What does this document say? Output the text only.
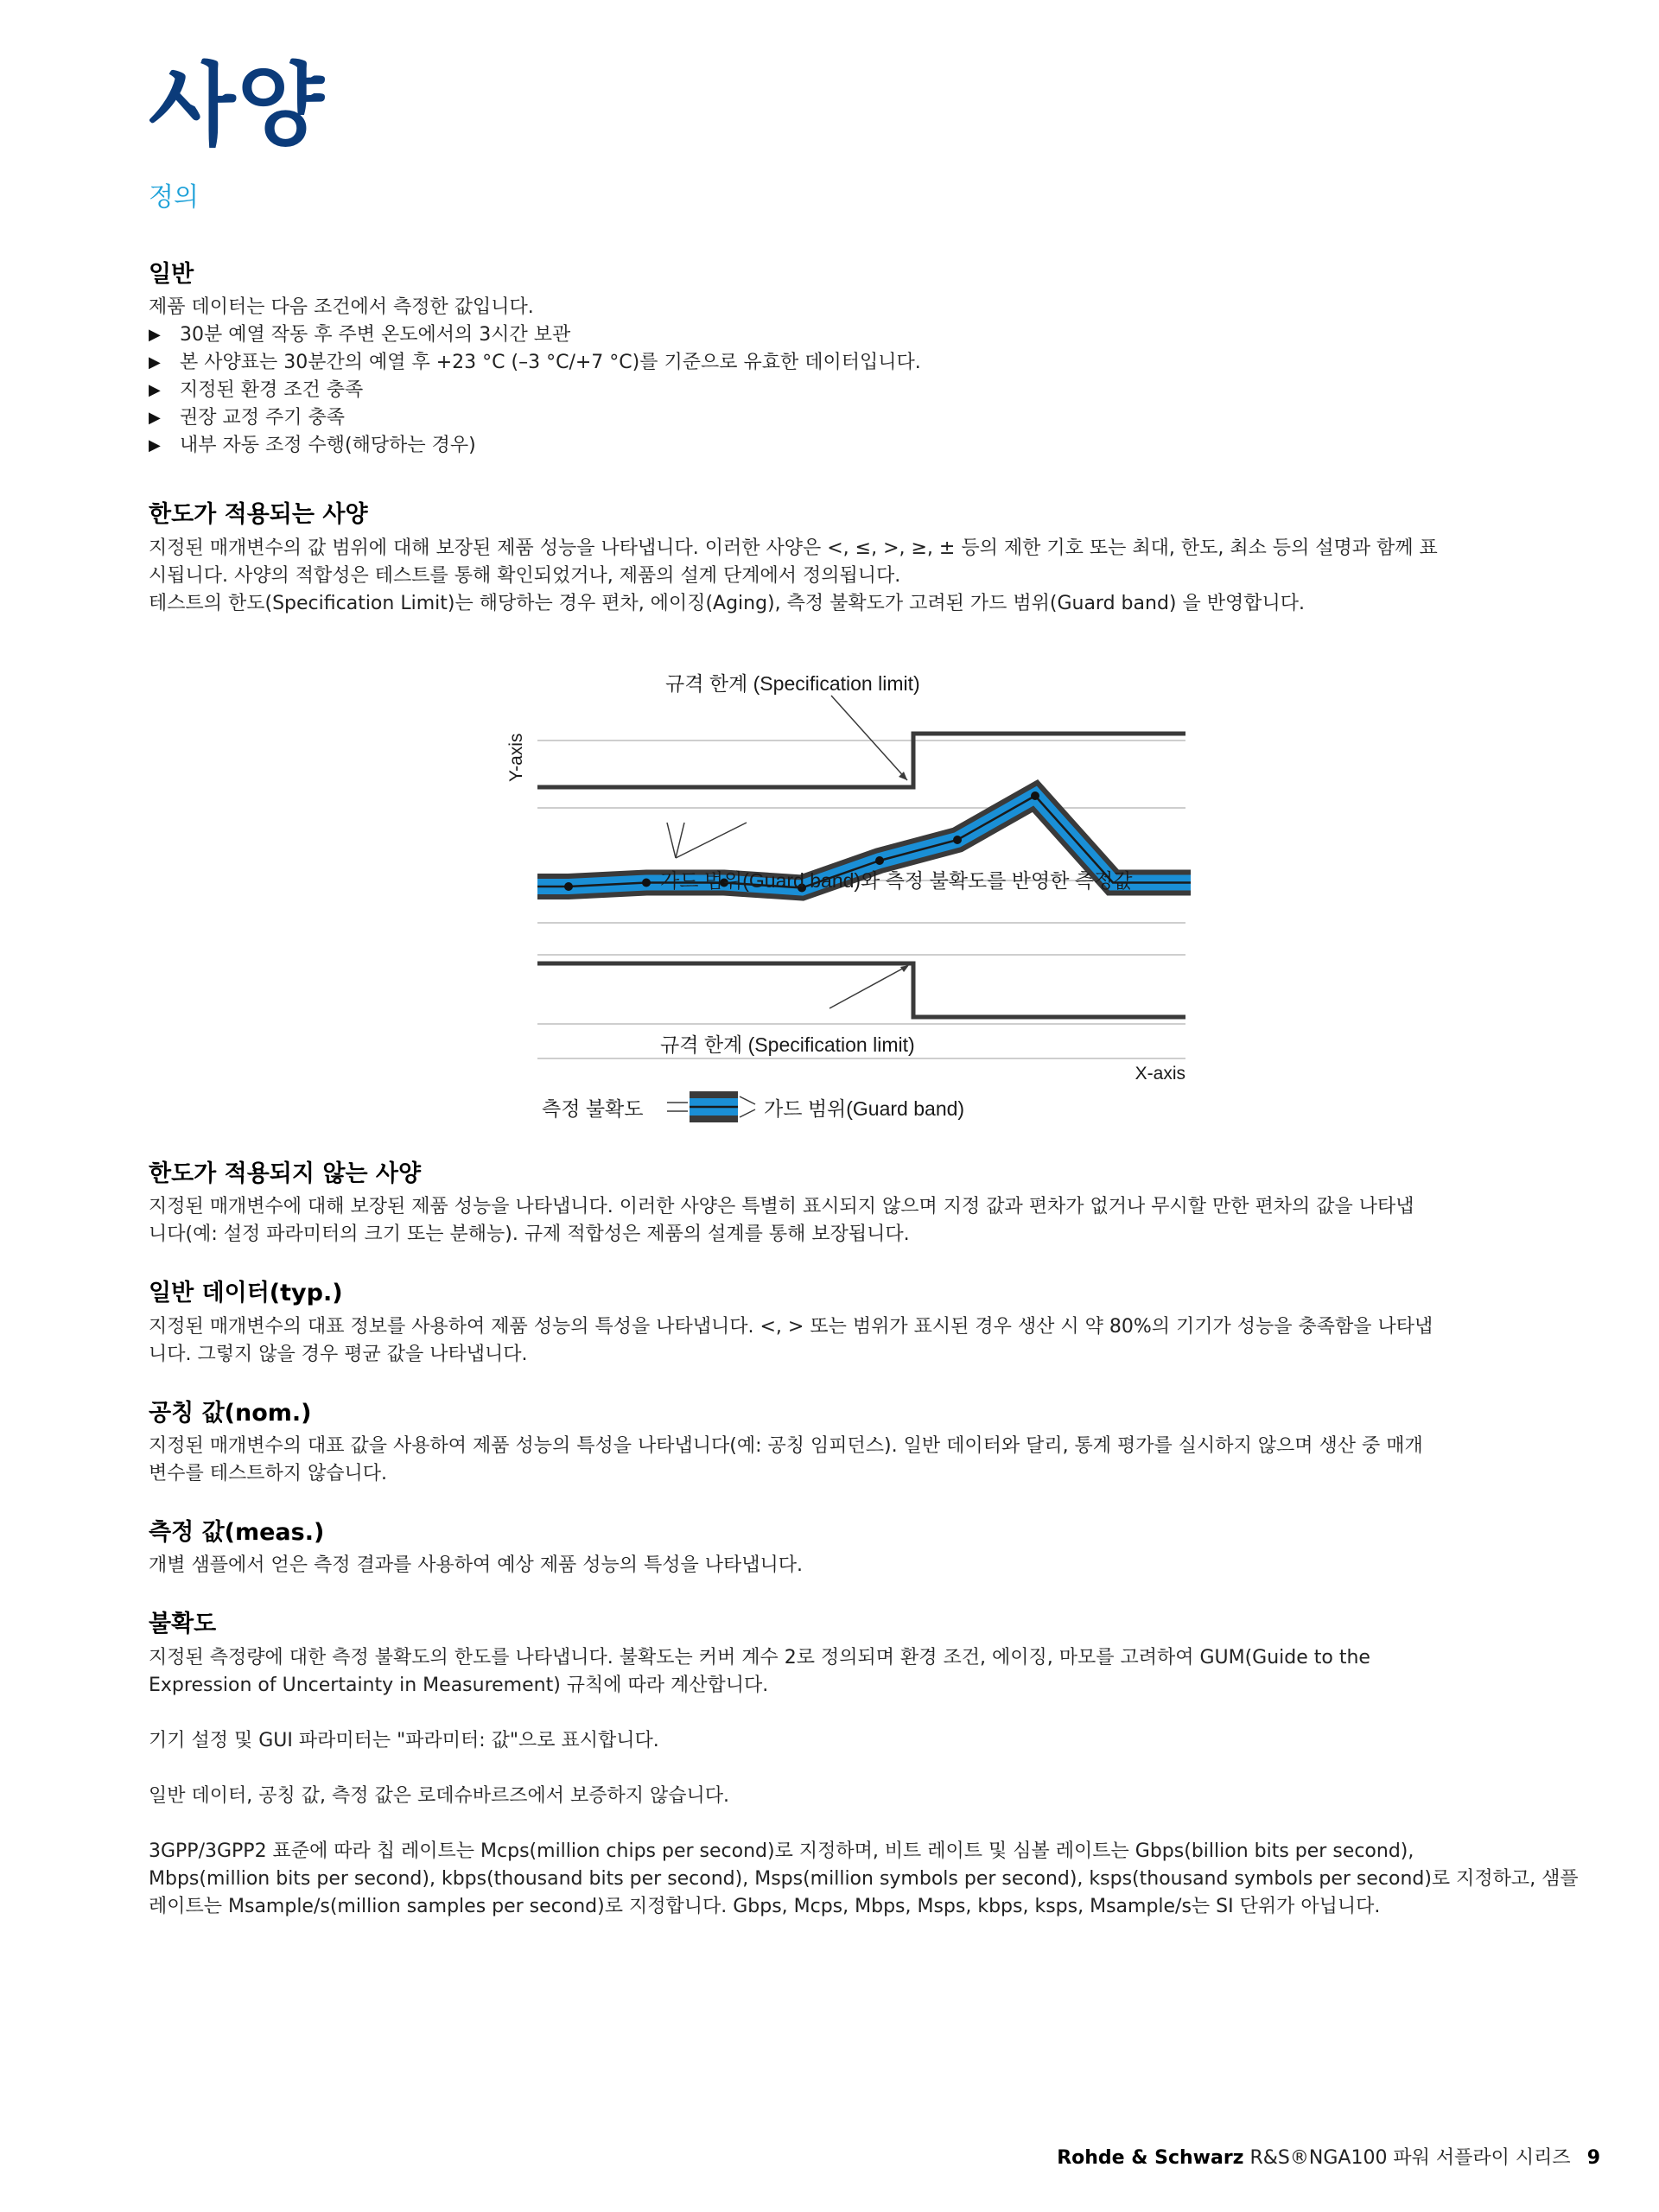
사양
정의
일반

제품 데이터는 다음 조건에서 측정한 값입니다.

▶ 30분 예열 작동 후 주변 온도에서의 3시간 보관
▶ 본 사양표는 30분간의 예열 후 +23 °C (–3 °C/+7 °C)를 기준으로 유효한 데이터입니다.
▶ 지정된 환경 조건 충족
▶ 권장 교정 주기 충족
▶ 내부 자동 조정 수행(해당하는 경우)
한도가 적용되는 사양

지정된 매개변수의 값 범위에 대해 보장된 제품 성능을 나타냅니다. 이러한 사양은 <, ≤, >, ≥, ± 등의 제한 기호 또는 최대, 한도, 최소 등의 설명과 함께 표

시됩니다. 사양의 적합성은 테스트를 통해 확인되었거나, 제품의 설계 단계에서 정의됩니다.

테스트의 한도(Specification Limit)는 해당하는 경우 편차, 에이징(Aging), 측정 불확도가 고려된 가드 범위(Guard band) 을 반영합니다.

규격 한계 (Specification limit)
가드 범위(Guard band)와 측정 불확도를 반영한 측정값
규격 한계 (Specification limit)
Y-axis
X-axis
측정 불확도	가드 범위(Guard band)
한도가 적용되지 않는 사양

지정된 매개변수에 대해 보장된 제품 성능을 나타냅니다. 이러한 사양은 특별히 표시되지 않으며 지정 값과 편차가 없거나 무시할 만한 편차의 값을 나타냅

니다(예: 설정 파라미터의 크기 또는 분해능). 규제 적합성은 제품의 설계를 통해 보장됩니다.

일반 데이터(typ.)

지정된 매개변수의 대표 정보를 사용하여 제품 성능의 특성을 나타냅니다. <, > 또는 범위가 표시된 경우 생산 시 약 80%의 기기가 성능을 충족함을 나타냅

니다. 그렇지 않을 경우 평균 값을 나타냅니다.

공칭 값(nom.)

지정된 매개변수의 대표 값을 사용하여 제품 성능의 특성을 나타냅니다(예: 공칭 임피던스). 일반 데이터와 달리, 통계 평가를 실시하지 않으며 생산 중 매개

변수를 테스트하지 않습니다.

측정 값(meas.)

개별 샘플에서 얻은 측정 결과를 사용하여 예상 제품 성능의 특성을 나타냅니다.

불확도

지정된 측정량에 대한 측정 불확도의 한도를 나타냅니다. 불확도는 커버 계수 2로 정의되며 환경 조건, 에이징, 마모를 고려하여 GUM(Guide to the

Expression of Uncertainty in Measurement) 규칙에 따라 계산합니다.

기기 설정 및 GUI 파라미터는 "파라미터: 값"으로 표시합니다.

일반 데이터, 공칭 값, 측정 값은 로데슈바르즈에서 보증하지 않습니다.

3GPP/3GPP2 표준에 따라 칩 레이트는 Mcps(million chips per second)로 지정하며, 비트 레이트 및 심볼 레이트는 Gbps(billion bits per second),

Mbps(million bits per second), kbps(thousand bits per second), Msps(million symbols per second), ksps(thousand symbols per second)로 지정하고, 샘플

레이트는 Msample/s(million samples per second)로 지정합니다. Gbps, Mcps, Mbps, Msps, kbps, ksps, Msample/s는 SI 단위가 아닙니다.

Rohde & Schwarz R&S®NGA100 파워 서플라이 시리즈 9
